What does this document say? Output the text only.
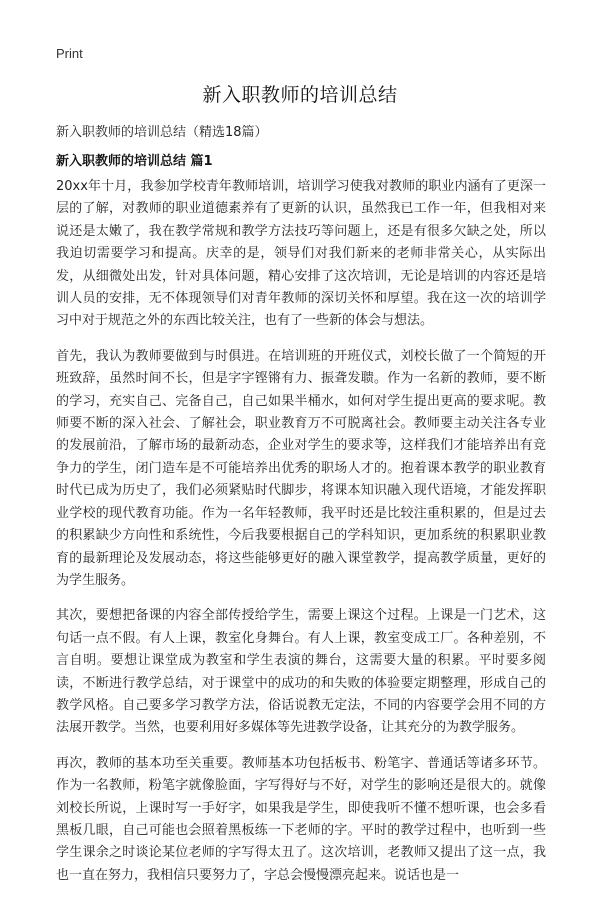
Print
新入职教师的培训总结

新入职教师的培训总结（精选18篇）

新入职教师的培训总结 篇1

20xx年十月，我参加学校青年教师培训，培训学习使我对教师的职业内涵有了更深一层的了解，对教师的职业道德素养有了更新的认识，虽然我已工作一年，但我相对来说还是太嫩了，我在教学常规和教学方法技巧等问题上，还是有很多欠缺之处，所以我迫切需要学习和提高。庆幸的是，领导们对我们新来的老师非常关心，从实际出发，从细微处出发，针对具体问题，精心安排了这次培训，无论是培训的内容还是培训人员的安排，无不体现领导们对青年教师的深切关怀和厚望。我在这一次的培训学习中对于规范之外的东西比较关注，也有了一些新的体会与想法。

首先，我认为教师要做到与时俱进。在培训班的开班仪式，刘校长做了一个简短的开班致辞，虽然时间不长，但是字字铿锵有力、振聋发聩。作为一名新的教师，要不断的学习，充实自己、完备自己，自己如果半桶水，如何对学生提出更高的要求呢。教师要不断的深入社会、了解社会，职业教育万不可脱离社会。教师要主动关注各专业的发展前沿，了解市场的最新动态，企业对学生的要求等，这样我们才能培养出有竞争力的学生，闭门造车是不可能培养出优秀的职场人才的。抱着课本教学的职业教育时代已成为历史了，我们必须紧贴时代脚步，将课本知识融入现代语境，才能发挥职业学校的现代教育功能。作为一名年轻教师，我平时还是比较注重积累的，但是过去的积累缺少方向性和系统性，今后我要根据自己的学科知识，更加系统的积累职业教育的最新理论及发展动态，将这些能够更好的融入课堂教学，提高教学质量，更好的为学生服务。

其次，要想把备课的内容全部传授给学生，需要上课这个过程。上课是一门艺术，这句话一点不假。有人上课，教室化身舞台。有人上课，教室变成工厂。各种差别，不言自明。要想让课堂成为教室和学生表演的舞台，这需要大量的积累。平时要多阅读，不断进行教学总结，对于课堂中的成功的和失败的体验要定期整理，形成自己的教学风格。自己要多学习教学方法，俗话说教无定法，不同的内容要学会用不同的方法展开教学。当然，也要利用好多媒体等先进教学设备，让其充分的为教学服务。

再次，教师的基本功至关重要。教师基本功包括板书、粉笔字、普通话等诸多环节。作为一名教师，粉笔字就像脸面，字写得好与不好，对学生的影响还是很大的。就像刘校长所说，上课时写一手好字，如果我是学生，即使我听不懂不想听课，也会多看黑板几眼，自己可能也会照着黑板练一下老师的字。平时的教学过程中，也听到一些学生课余之时谈论某位老师的字写得太丑了。这次培训，老教师又提出了这一点，我也一直在努力，我相信只要努力了，字总会慢慢漂亮起来。说话也是一
